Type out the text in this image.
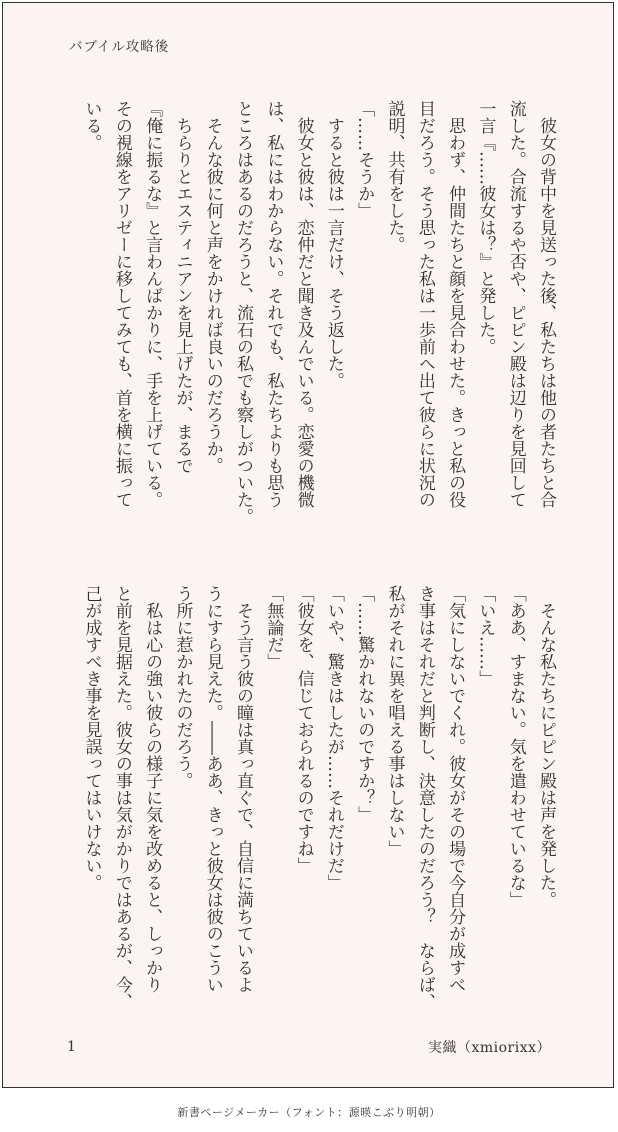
バブイル攻略後

　彼女の背中を見送った後、私たちは他の者たちと合

流した。合流するや否や、ピピン殿は辺りを見回して

一言『……彼女は？』と発した。

　思わず、仲間たちと顔を見合わせた。きっと私の役

目だろう。そう思った私は一歩前へ出て彼らに状況の

説明、共有をした。

「……そうか」

　すると彼は一言だけ、そう返した。

　彼女と彼は、恋仲だと聞き及んでいる。恋愛の機微

は、私にはわからない。それでも、私たちよりも思う

ところはあるのだろうと、流石の私でも察しがついた。

　そんな彼に何と声をかければ良いのだろうか。

　ちらりとエスティニアンを見上げたが、まるで

『俺に振るな』と言わんばかりに、手を上げている。

その視線をアリゼーに移してみても、首を横に振って

いる。

　そんな私たちにピピン殿は声を発した。

「ああ、すまない。気を遣わせているな」

「いえ……」

「気にしないでくれ。彼女がその場で今自分が成すべ

き事はそれだと判断し、決意したのだろう？　ならば、

私がそれに異を唱える事はしない」

「……驚かれないのですか？」

「いや、驚きはしたが……それだけだ」

「彼女を、信じておられるのですね」

「無論だ」

　そう言う彼の瞳は真っ直ぐで、自信に満ちているよ

うにすら見えた。――ああ、きっと彼女は彼のこうい

う所に惹かれたのだろう。

　私は心の強い彼らの様子に気を改めると、しっかり

と前を見据えた。彼女の事は気がかりではあるが、今、

己が成すべき事を見誤ってはいけない。

1	実織（xmiorixx）
新書ページメーカー（フォント：源暎こぶり明朝）
